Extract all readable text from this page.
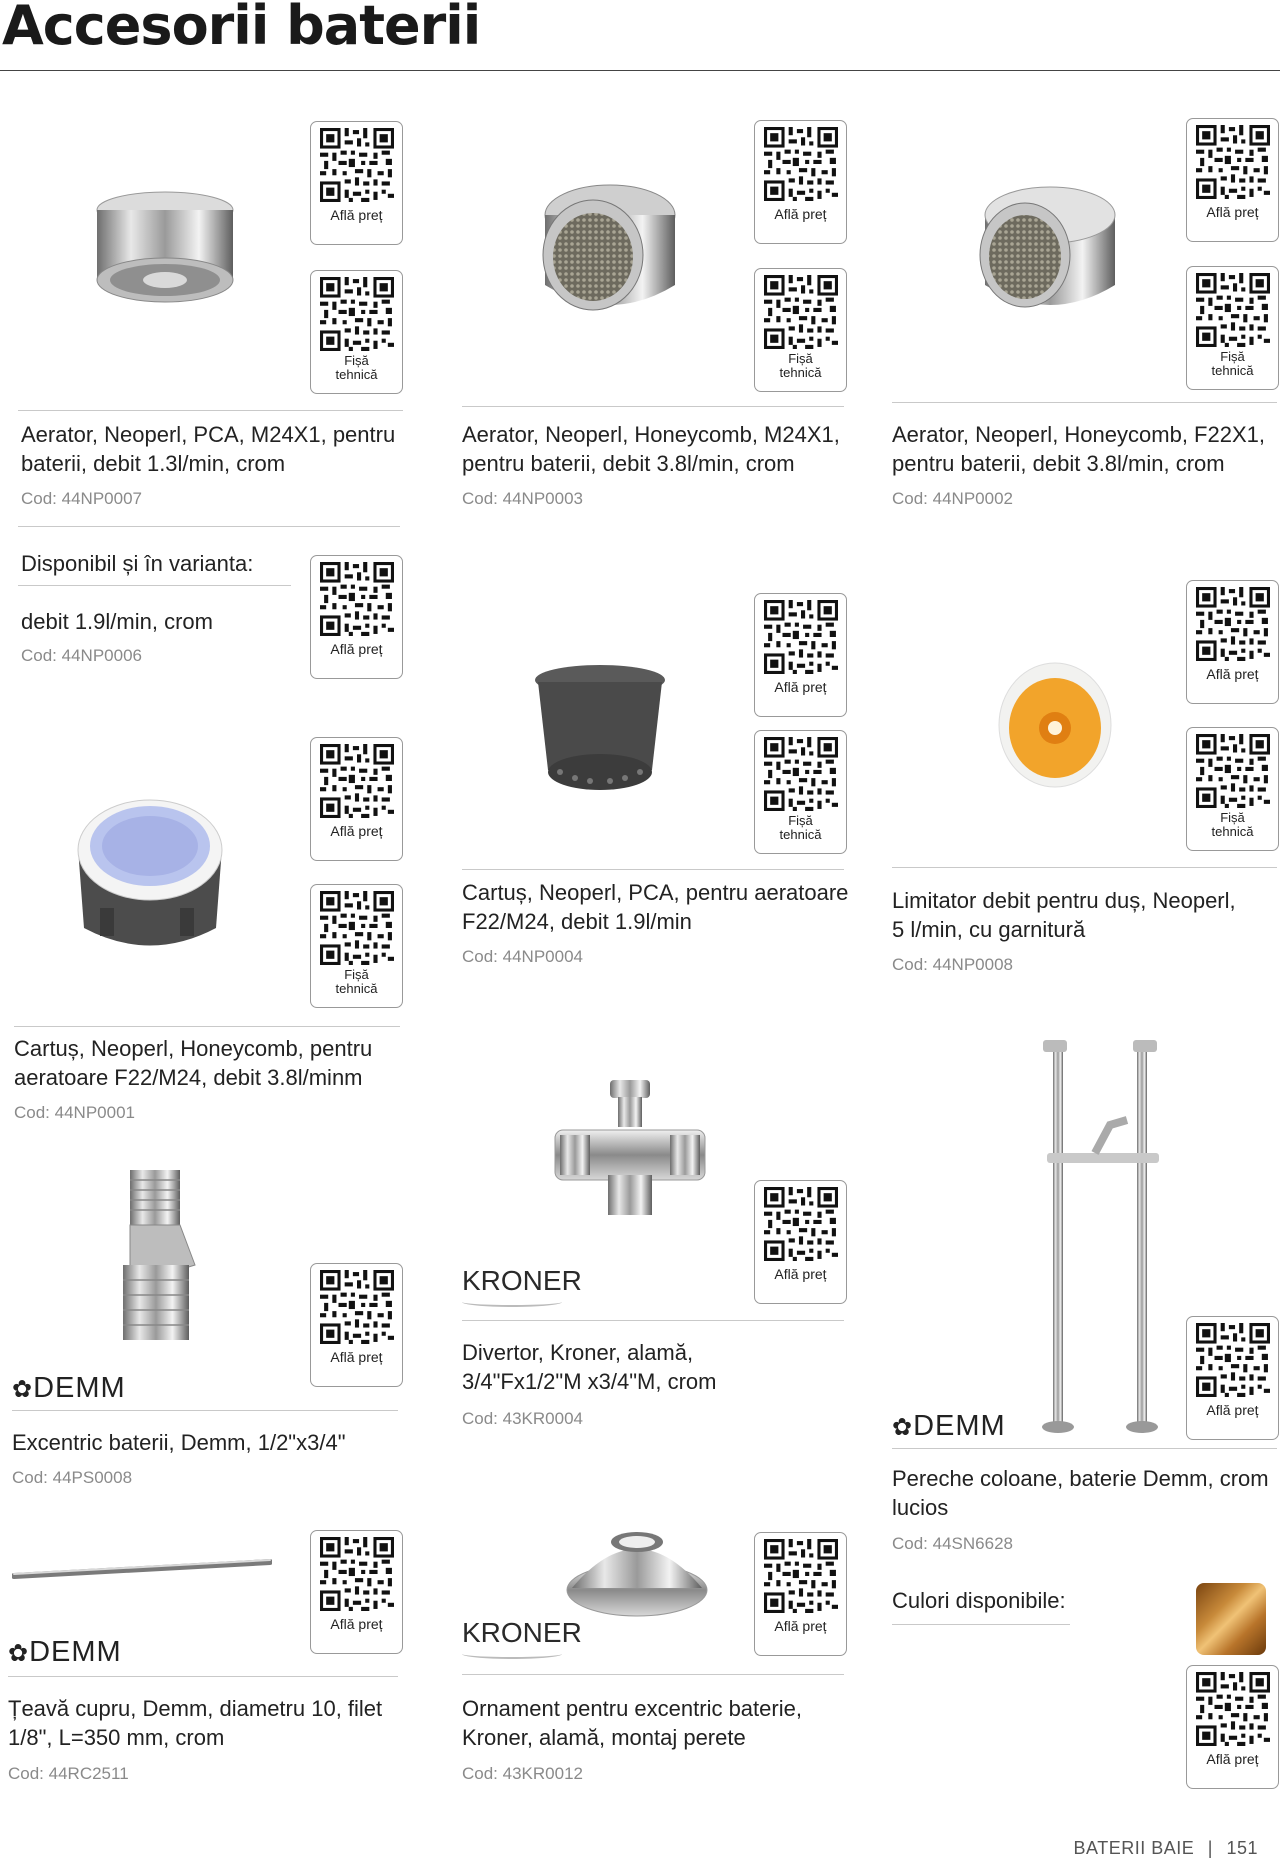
Accesorii baterii
Află preț
Fișă
tehnică
Află preț
Fișă
tehnică
Află preț
Fișă
tehnică
Aerator, Neoperl, PCA, M24X1, pentru
baterii, debit 1.3l/min, crom
Cod: 44NP0007
Aerator, Neoperl, Honeycomb, M24X1,
pentru baterii, debit 3.8l/min, crom
Cod: 44NP0003
Aerator, Neoperl, Honeycomb, F22X1,
pentru baterii, debit 3.8l/min, crom
Cod: 44NP0002
Disponibil și în varianta:
debit 1.9l/min, crom
Cod: 44NP0006	Află preț
Află preț
Fișă
tehnică
Află preț
Fișă
tehnică
Cartuș, Neoperl, PCA, pentru aeratoare
F22/M24, debit 1.9l/min
Cod: 44NP0004
Limitator debit pentru duș, Neoperl,
5 l/min, cu garnitură
Cod: 44NP0008
Află preț
Fișă
tehnică
Cartuș, Neoperl, Honeycomb, pentru
aeratoare F22/M24, debit 3.8l/minm
Cod: 44NP0001
Află preț
✿DEMM
Excentric baterii, Demm, 1/2"x3/4"
Cod: 44PS0008
Află preț
KRONER
Divertor, Kroner, alamă,
3/4"Fx1/2"M x3/4"M, crom
Cod: 43KR0004	Află preț
✿DEMM
Pereche coloane, baterie Demm, crom
lucios
Cod: 44SN6628
Află preț
✿DEMM
Țeavă cupru, Demm, diametru 10, filet
1/8", L=350 mm, crom
Cod: 44RC2511
Află preț
KRONER
Ornament pentru excentric baterie,
Kroner, alamă, montaj perete
Cod: 43KR0012
Culori disponibile:
Află preț
BATERII BAIE | 151
